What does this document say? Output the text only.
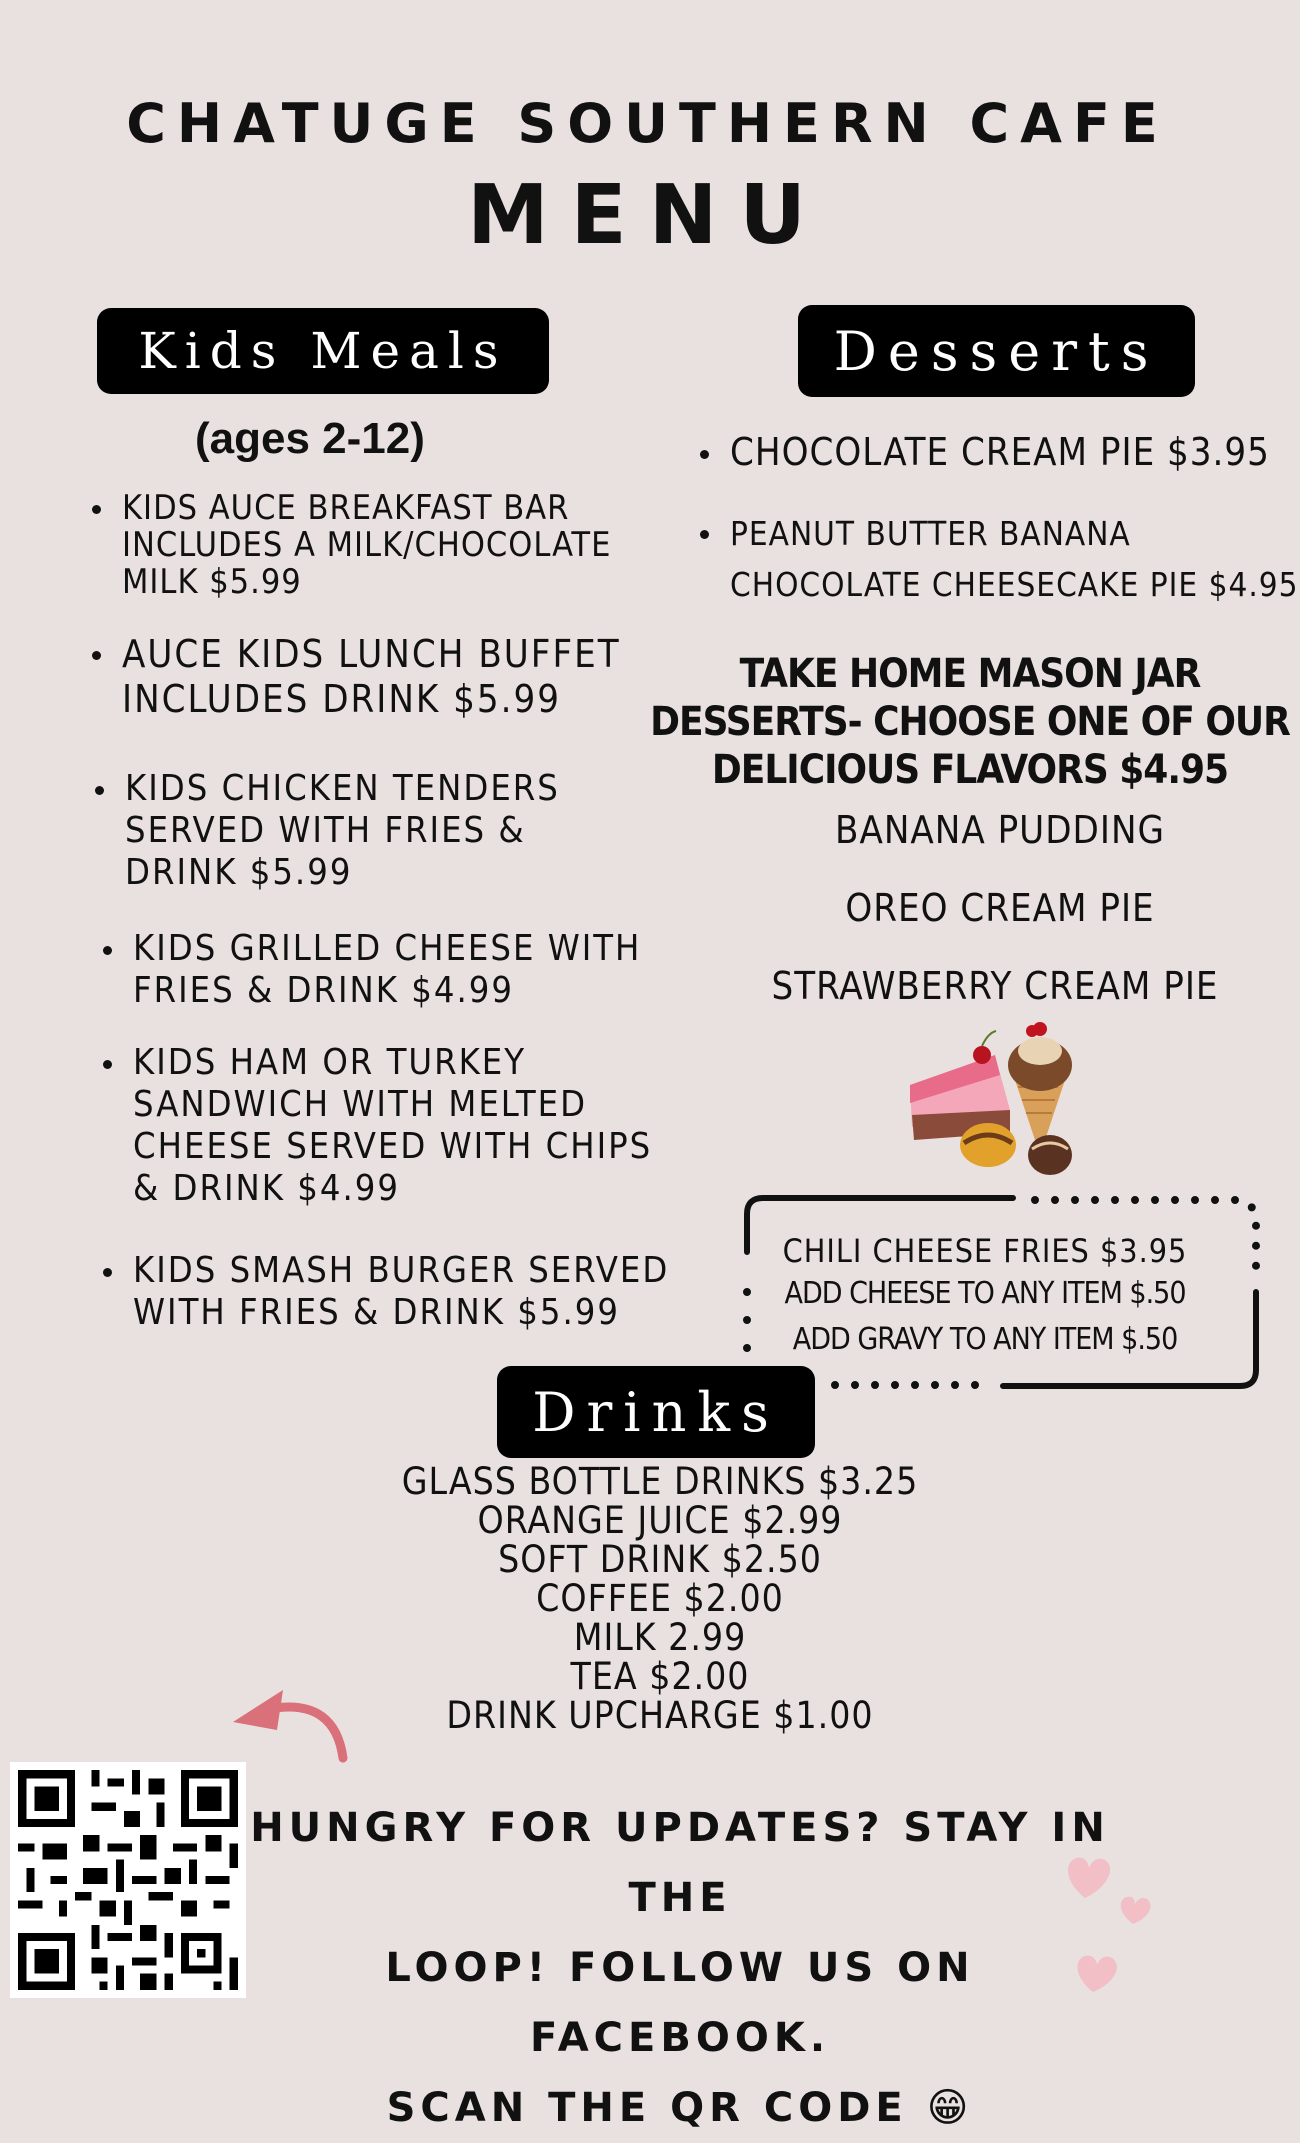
CHATUGE SOUTHERN CAFE
MENU
Kids Meals
(ages 2-12)
KIDS AUCE BREAKFAST BAR INCLUDES A MILK/CHOCOLATE MILK $5.99
AUCE KIDS LUNCH BUFFET INCLUDES DRINK $5.99
KIDS CHICKEN TENDERS SERVED WITH FRIES & DRINK $5.99
KIDS GRILLED CHEESE WITH FRIES & DRINK $4.99
KIDS HAM OR TURKEY SANDWICH WITH MELTED CHEESE SERVED WITH CHIPS & DRINK $4.99
KIDS SMASH BURGER SERVED WITH FRIES & DRINK $5.99
Desserts
CHOCOLATE CREAM PIE $3.95
PEANUT BUTTER BANANA CHOCOLATE CHEESECAKE PIE $4.95
TAKE HOME MASON JAR DESSERTS- CHOOSE ONE OF OUR DELICIOUS FLAVORS $4.95
BANANA PUDDING
OREO CREAM PIE
STRAWBERRY CREAM PIE
CHILI CHEESE FRIES $3.95
ADD CHEESE TO ANY ITEM $.50
ADD GRAVY TO ANY ITEM $.50
Drinks
GLASS BOTTLE DRINKS $3.25
ORANGE JUICE $2.99
SOFT DRINK $2.50
COFFEE $2.00
MILK 2.99
TEA $2.00
DRINK UPCHARGE $1.00
HUNGRY FOR UPDATES? STAY IN THE
LOOP! FOLLOW US ON FACEBOOK.
SCAN THE QR CODE 😁
